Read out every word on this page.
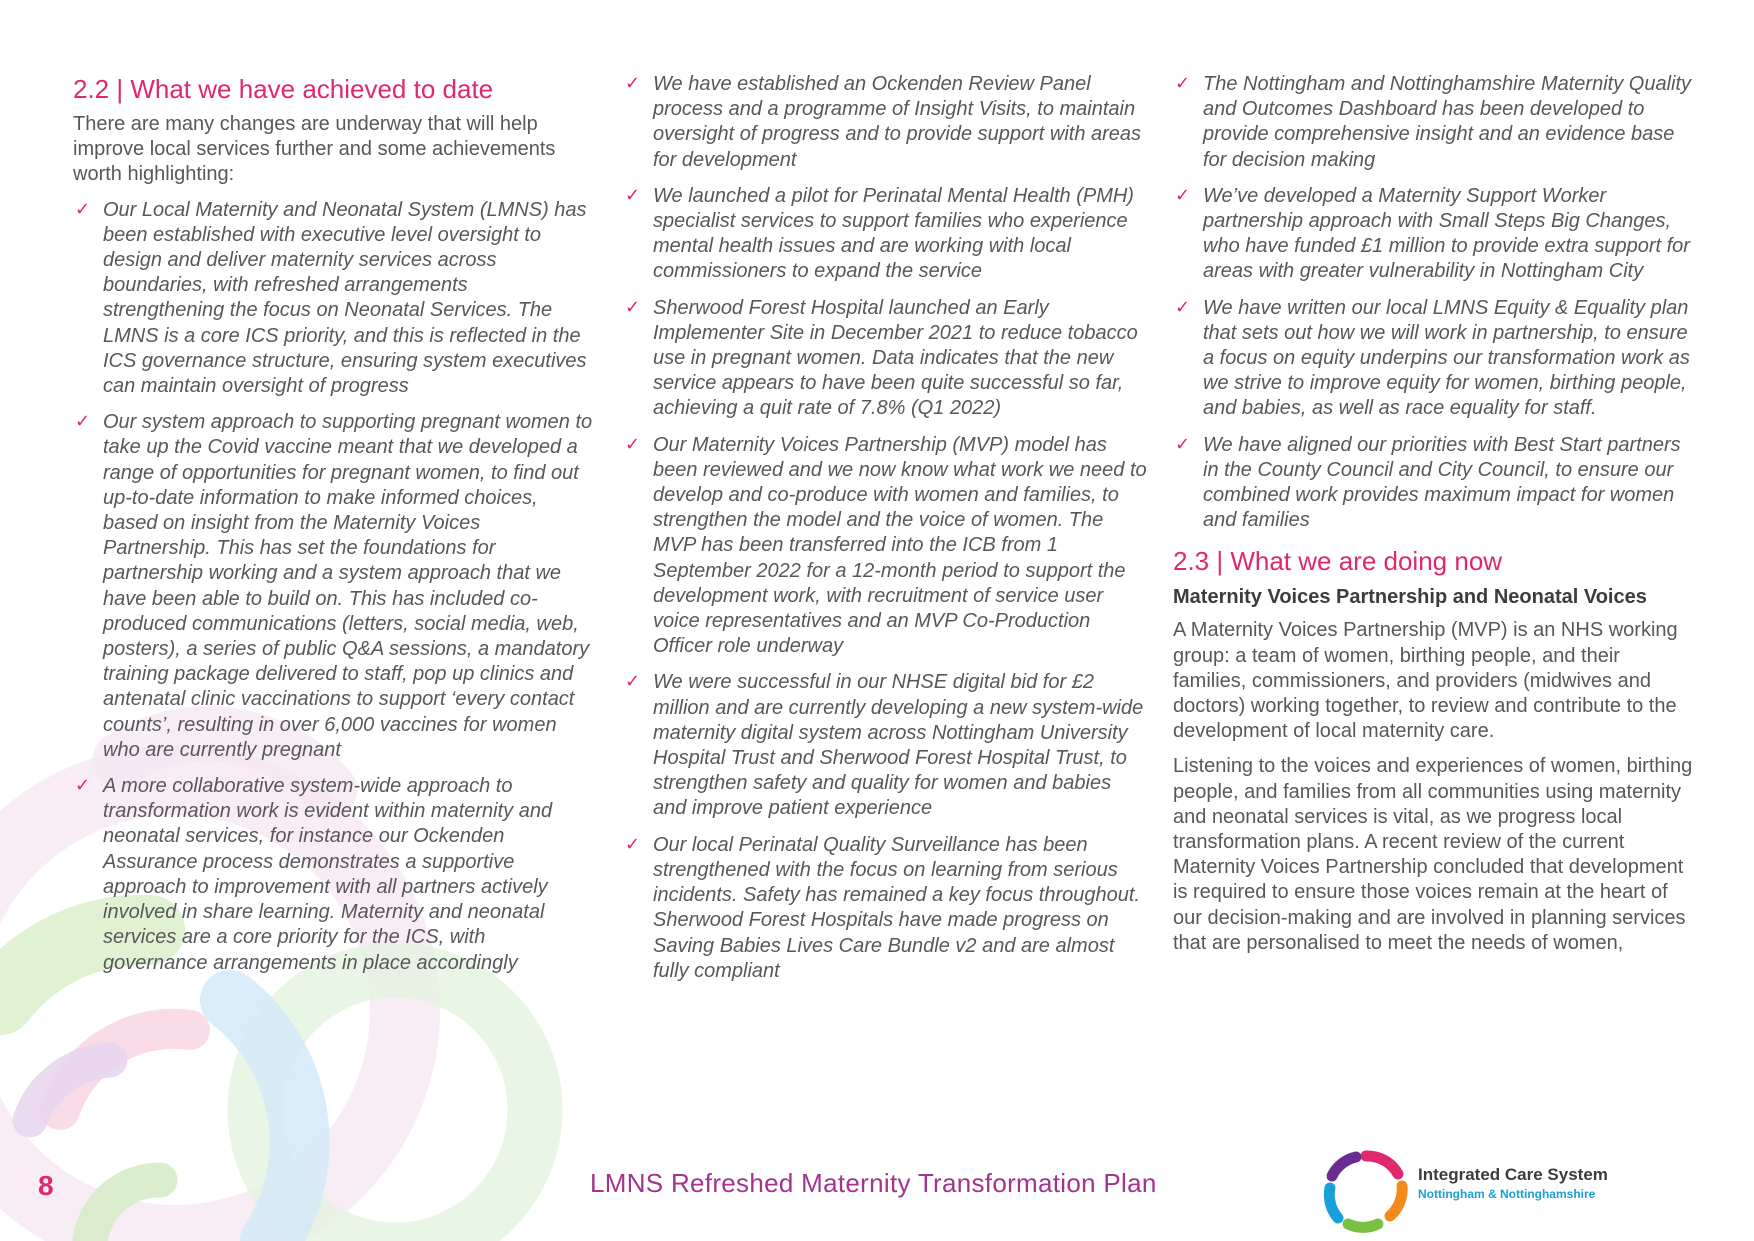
2.2 | What we have achieved to date

There are many changes are underway that will help improve local services further and some achievements worth highlighting:

✓ Our Local Maternity and Neonatal System (LMNS) has been established with executive level oversight to design and deliver maternity services across boundaries, with refreshed arrangements strengthening the focus on Neonatal Services. The LMNS is a core ICS priority, and this is reflected in the ICS governance structure, ensuring system executives can maintain oversight of progress
✓ Our system approach to supporting pregnant women to take up the Covid vaccine meant that we developed a range of opportunities for pregnant women, to find out up-to-date information to make informed choices, based on insight from the Maternity Voices Partnership. This has set the foundations for partnership working and a system approach that we have been able to build on. This has included co-produced communications (letters, social media, web, posters), a series of public Q&A sessions, a mandatory training package delivered to staff, pop up clinics and antenatal clinic vaccinations to support ‘every contact counts’, resulting in over 6,000 vaccines for women who are currently pregnant
✓ A more collaborative system-wide approach to transformation work is evident within maternity and neonatal services, for instance our Ockenden Assurance process demonstrates a supportive approach to improvement with all partners actively involved in share learning. Maternity and neonatal services are a core priority for the ICS, with governance arrangements in place accordingly
✓ We have established an Ockenden Review Panel process and a programme of Insight Visits, to maintain oversight of progress and to provide support with areas for development
✓ We launched a pilot for Perinatal Mental Health (PMH) specialist services to support families who experience mental health issues and are working with local commissioners to expand the service
✓ Sherwood Forest Hospital launched an Early Implementer Site in December 2021 to reduce tobacco use in pregnant women. Data indicates that the new service appears to have been quite successful so far, achieving a quit rate of 7.8% (Q1 2022)
✓ Our Maternity Voices Partnership (MVP) model has been reviewed and we now know what work we need to develop and co-produce with women and families, to strengthen the model and the voice of women. The MVP has been transferred into the ICB from 1 September 2022 for a 12-month period to support the development work, with recruitment of service user voice representatives and an MVP Co-Production Officer role underway
✓ We were successful in our NHSE digital bid for £2 million and are currently developing a new system-wide maternity digital system across Nottingham University Hospital Trust and Sherwood Forest Hospital Trust, to strengthen safety and quality for women and babies and improve patient experience
✓ Our local Perinatal Quality Surveillance has been strengthened with the focus on learning from serious incidents. Safety has remained a key focus throughout. Sherwood Forest Hospitals have made progress on Saving Babies Lives Care Bundle v2 and are almost fully compliant
✓ The Nottingham and Nottinghamshire Maternity Quality and Outcomes Dashboard has been developed to provide comprehensive insight and an evidence base for decision making
✓ We’ve developed a Maternity Support Worker partnership approach with Small Steps Big Changes, who have funded £1 million to provide extra support for areas with greater vulnerability in Nottingham City
✓ We have written our local LMNS Equity & Equality plan that sets out how we will work in partnership, to ensure a focus on equity underpins our transformation work as we strive to improve equity for women, birthing people, and babies, as well as race equality for staff.
✓ We have aligned our priorities with Best Start partners in the County Council and City Council, to ensure our combined work provides maximum impact for women and families
2.3 | What we are doing now
Maternity Voices Partnership and Neonatal Voices

A Maternity Voices Partnership (MVP) is an NHS working group: a team of women, birthing people, and their families, commissioners, and providers (midwives and doctors) working together, to review and contribute to the development of local maternity care.

Listening to the voices and experiences of women, birthing people, and families from all communities using maternity and neonatal services is vital, as we progress local transformation plans. A recent review of the current Maternity Voices Partnership concluded that development is required to ensure those voices remain at the heart of our decision-making and are involved in planning services that are personalised to meet the needs of women,

8	LMNS Refreshed Maternity Transformation Plan	Integrated Care System
Nottingham & Nottinghamshire
